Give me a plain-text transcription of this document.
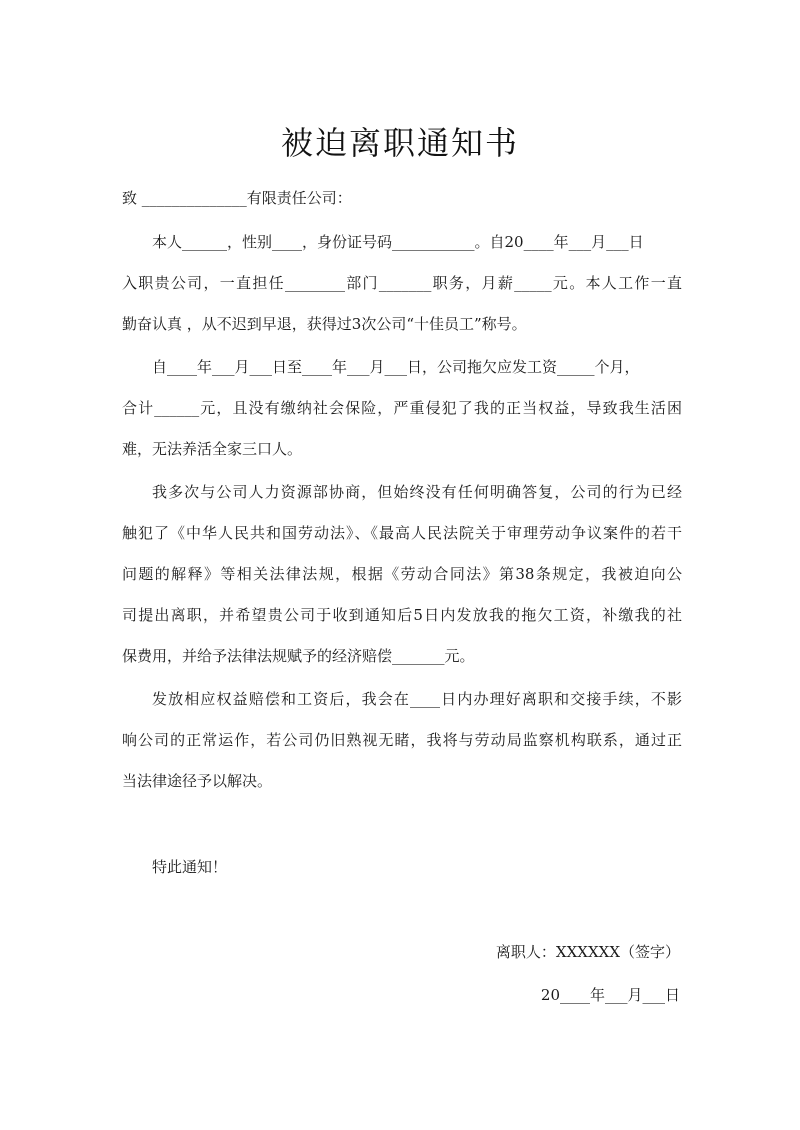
被迫离职通知书
致 ______________有限责任公司：
本人______，性别____，身份证号码___________。自20____年___月___日
入职贵公司，一直担任________部门_______职务，月薪_____元。本人工作一直
勤奋认真 ，从不迟到早退，获得过3次公司“十佳员工”称号。
自____年___月___日至____年___月___日，公司拖欠应发工资_____个月，
合计______元，且没有缴纳社会保险，严重侵犯了我的正当权益，导致我生活困
难，无法养活全家三口人。
我多次与公司人力资源部协商，但始终没有任何明确答复，公司的行为已经
触犯了《中华人民共和国劳动法》、《最高人民法院关于审理劳动争议案件的若干
问题的解释》等相关法律法规，根据《劳动合同法》第38条规定，我被迫向公
司提出离职，并希望贵公司于收到通知后5日内发放我的拖欠工资，补缴我的社
保费用，并给予法律法规赋予的经济赔偿_______元。
发放相应权益赔偿和工资后，我会在____日内办理好离职和交接手续，不影
响公司的正常运作，若公司仍旧熟视无睹，我将与劳动局监察机构联系，通过正
当法律途径予以解决。
特此通知！
离职人：XXXXXX（签字）
20____年___月___日
